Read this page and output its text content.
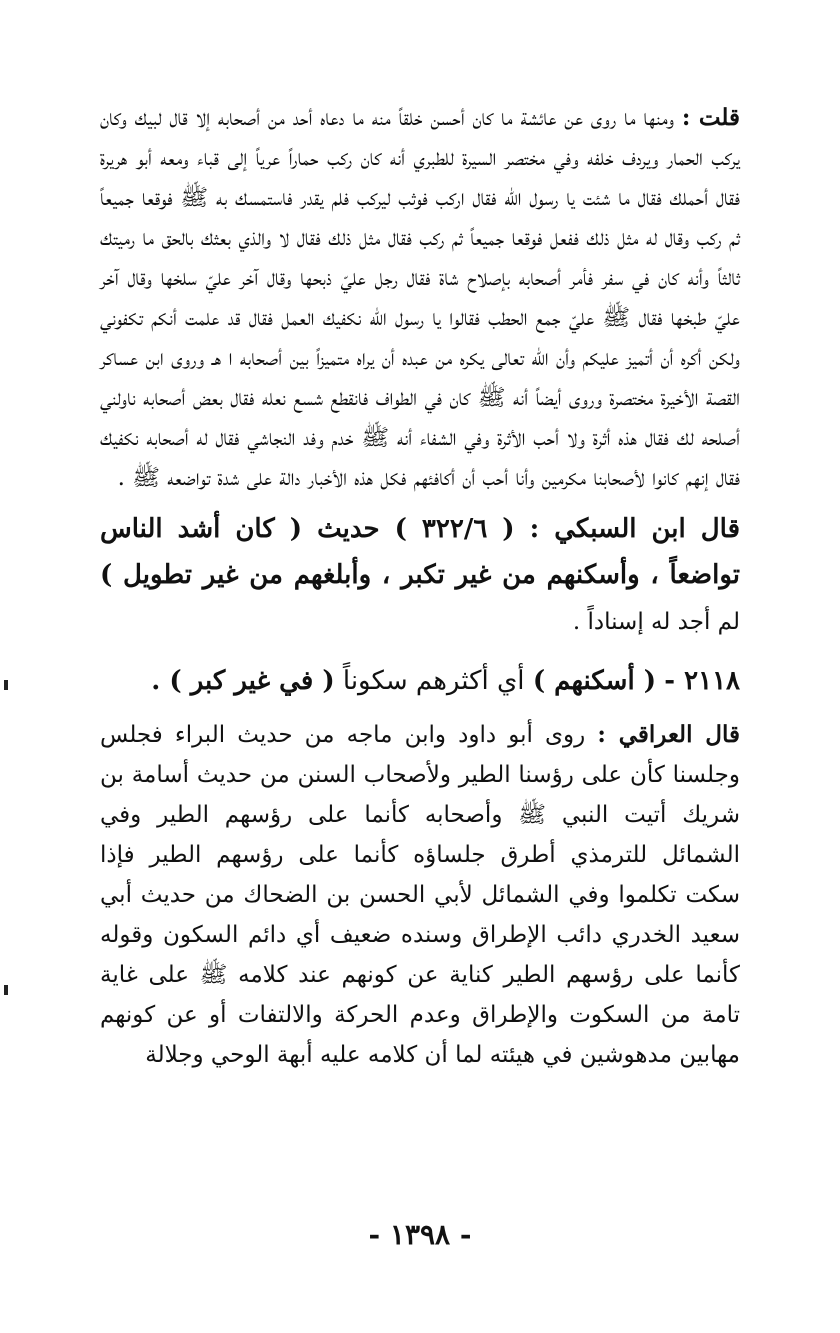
قلت : ومنها ما روى عن عائشة ما كان أحسن خلقاً منه ما دعاه أحد من أصحابه إلا قال لبيك وكان يركب الحمار ويردف خلفه وفي مختصر السيرة للطبري أنه كان ركب حماراً عرياً إلى قباء ومعه أبو هريرة فقال أحملك فقال ما شئت يا رسول الله فقال اركب فوثب ليركب فلم يقدر فاستمسك به ﷺ فوقعا جميعاً ثم ركب وقال له مثل ذلك ففعل فوقعا جميعاً ثم ركب فقال مثل ذلك فقال لا والذي بعثك بالحق ما رميتك ثالثاً وأنه كان في سفر فأمر أصحابه بإصلاح شاة فقال رجل عليّ ذبحها وقال آخر عليّ سلخها وقال آخر عليّ طبخها فقال ﷺ عليّ جمع الحطب فقالوا يا رسول الله نكفيك العمل فقال قد علمت أنكم تكفوني ولكن أكره أن أتميز عليكم وأن الله تعالى يكره من عبده أن يراه متميزاً بين أصحابه ا هـ وروى ابن عساكر القصة الأخيرة مختصرة وروى أيضاً أنه ﷺ كان في الطواف فانقطع شسع نعله فقال بعض أصحابه ناولني أصلحه لك فقال هذه أثرة ولا أحب الأثرة وفي الشفاء أنه ﷺ خدم وفد النجاشي فقال له أصحابه نكفيك فقال إنهم كانوا لأصحابنا مكرمين وأنا أحب أن أكافئهم فكل هذه الأخبار دالة على شدة تواضعه ﷺ .

قال ابن السبكي : ( ٣٢٢/٦ ) حديث ( كان أشد الناس تواضعاً ، وأسكنهم من غير تكبر ، وأبلغهم من غير تطويل ) لم أجد له إسناداً .

٢١١٨ - ( أسكنهم ) أي أكثرهم سكوناً ( في غير كبر ) .

قال العراقي : روى أبو داود وابن ماجه من حديث البراء فجلس وجلسنا كأن على رؤسنا الطير ولأصحاب السنن من حديث أسامة بن شريك أتيت النبي ﷺ وأصحابه كأنما على رؤسهم الطير وفي الشمائل للترمذي أطرق جلساؤه كأنما على رؤسهم الطير فإذا سكت تكلموا وفي الشمائل لأبي الحسن بن الضحاك من حديث أبي سعيد الخدري دائب الإطراق وسنده ضعيف أي دائم السكون وقوله كأنما على رؤسهم الطير كناية عن كونهم عند كلامه ﷺ على غاية تامة من السكوت والإطراق وعدم الحركة والالتفات أو عن كونهم مهابين مدهوشين في هيئته لما أن كلامه عليه أبهة الوحي وجلالة

- ١٣٩٨ -
